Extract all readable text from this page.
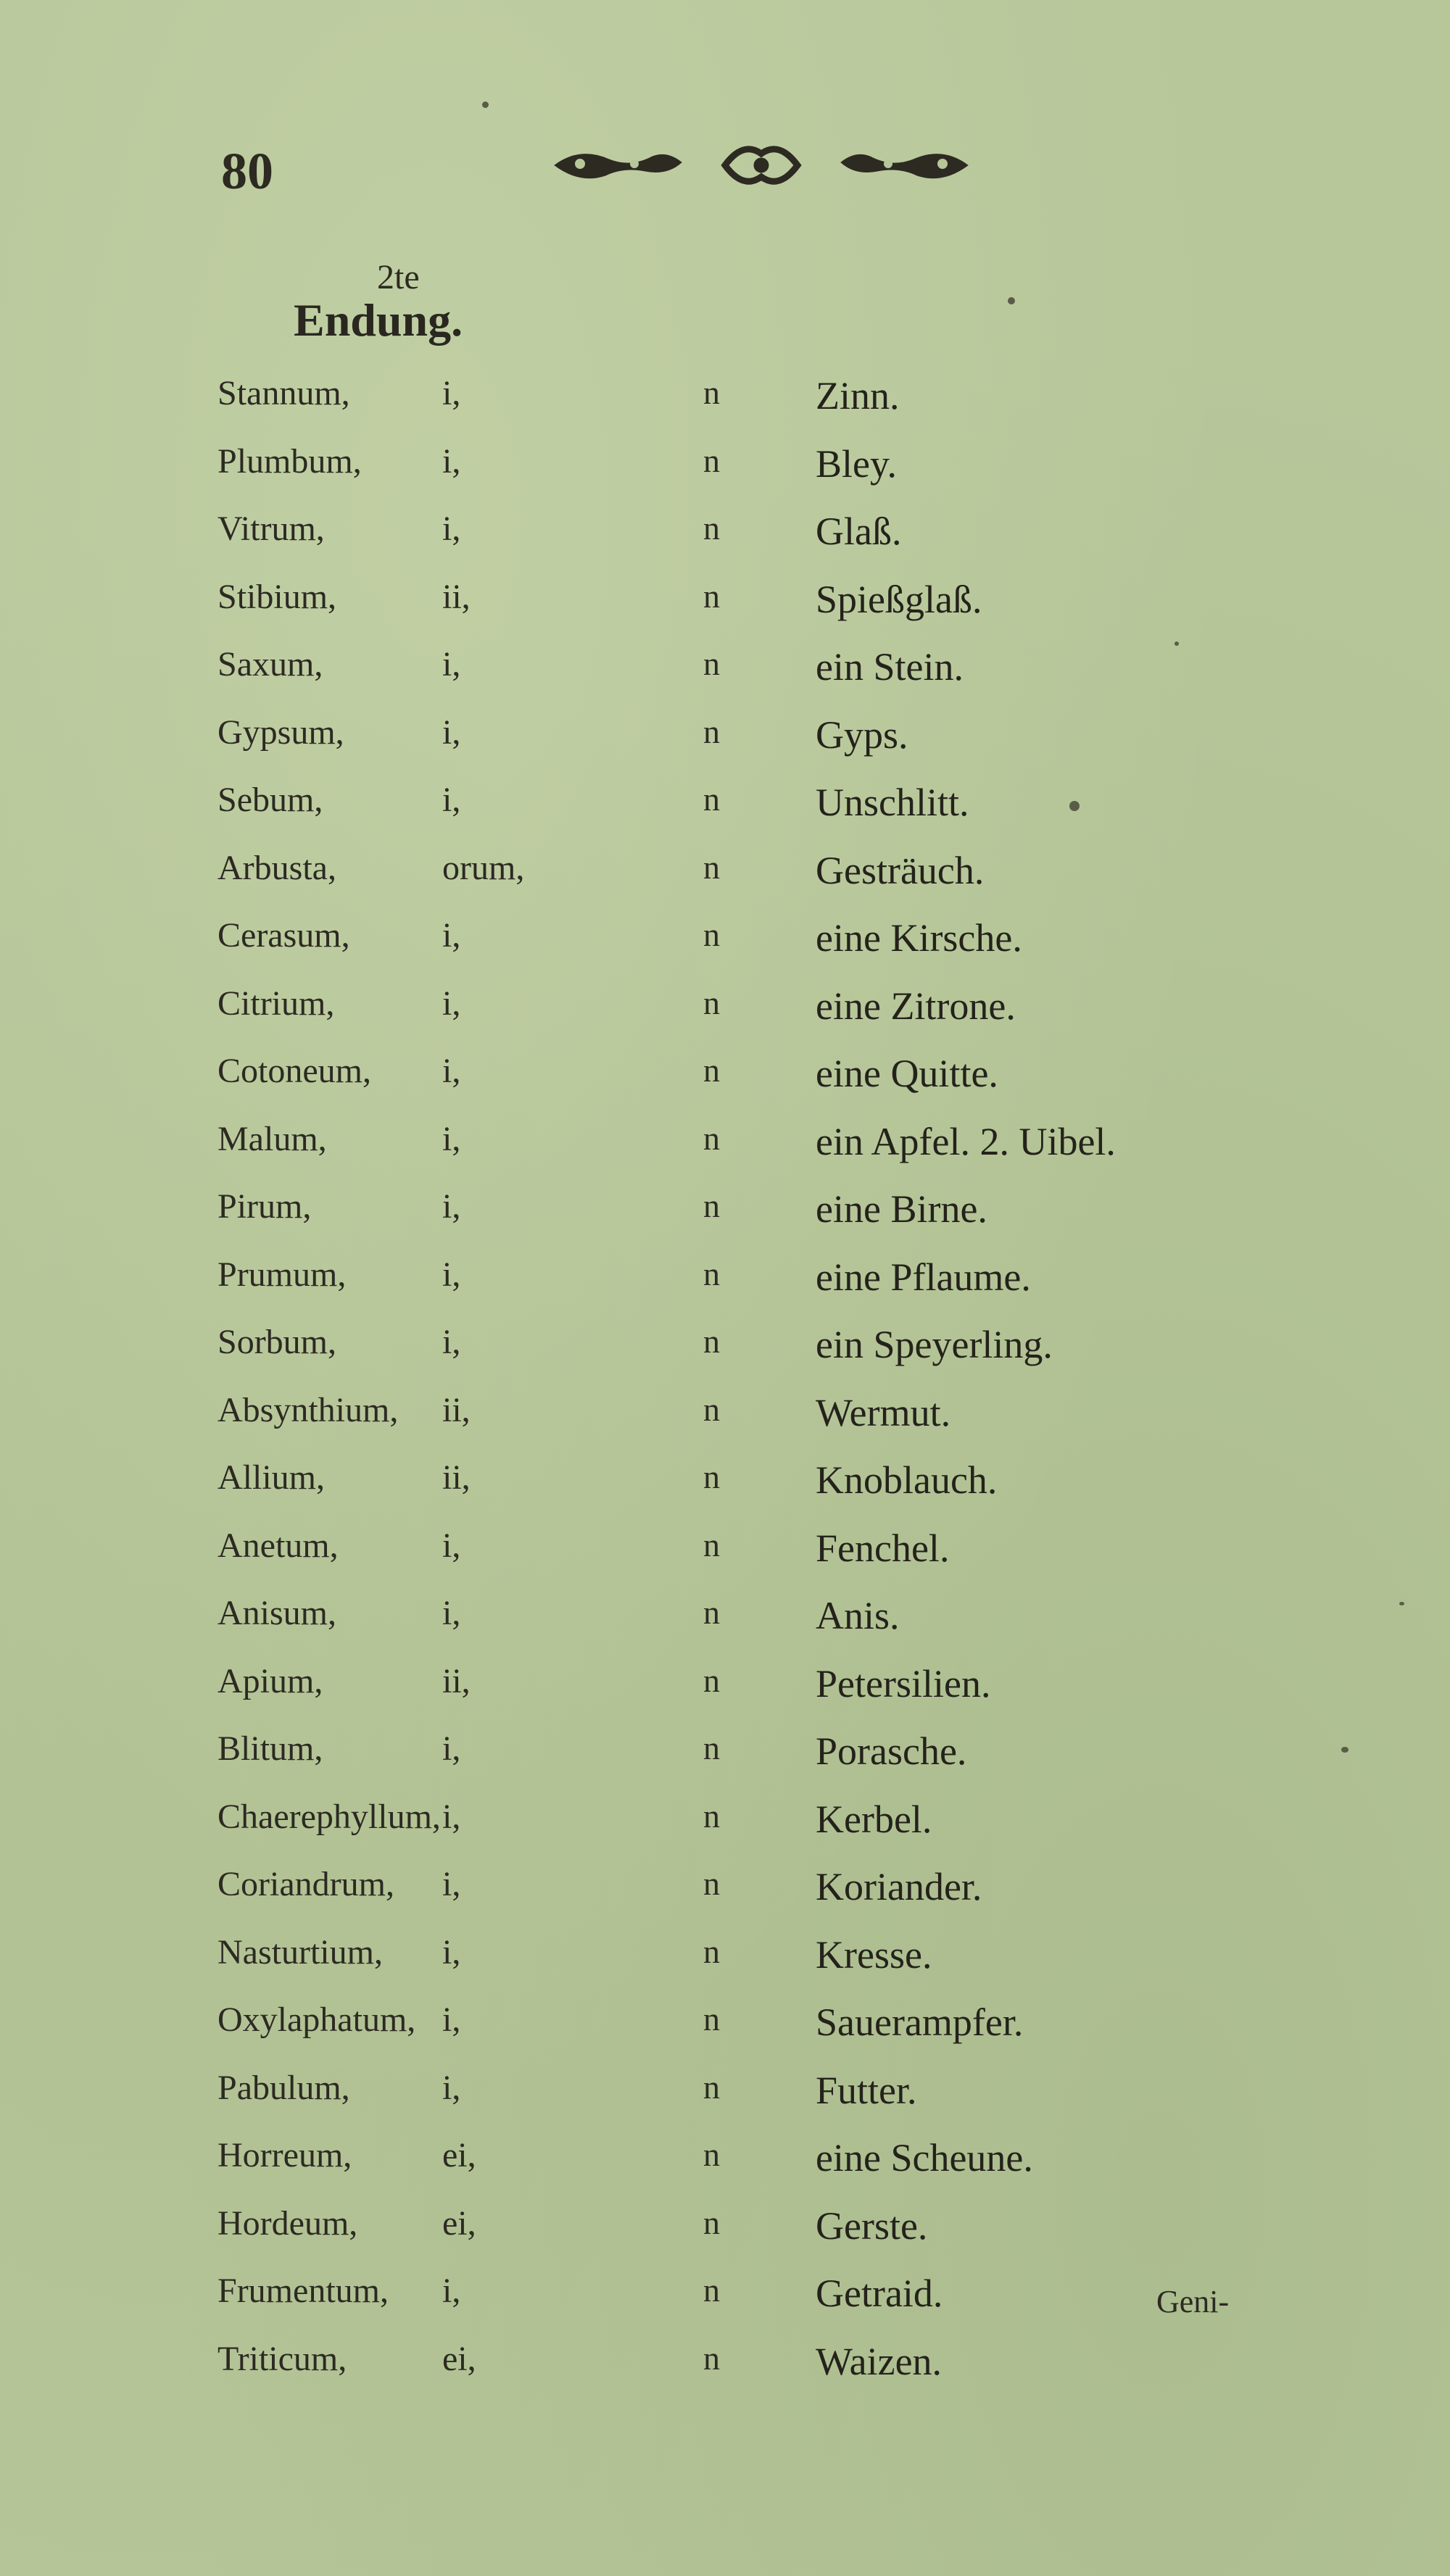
80
2te
Endung.
Stannum,	i,	n Zinn.
Plumbum, i,	n Bley.
Vitrum,	i,	n Glaß.
Stibium,	ii,	n Spießglaß.
Saxum,	i,	n ein Stein.
Gypsum,	i,	n Gyps.
Sebum,	i,	n Unschlitt.
Arbusta,	orum,	n Gesträuch.
Cerasum,	i,	n eine Kirsche.
Citrium,	i,	n eine Zitrone.
Cotoneum, i,	n eine Quitte.
Malum,	i,	n ein Apfel. 2. Uibel.
Pirum,	i,	n eine Birne.
Prumum,	i,	n eine Pflaume.
Sorbum,	i,	n ein Speyerling.
Absynthium, ii,	n Wermut.
Allium,	ii,	n Knoblauch.
Anetum,	i,	n Fenchel.
Anisum,	i,	n Anis.
Apium,	ii,	n Petersilien.
Blitum,	i,	n Porasche.
Chaerephyllum, i,	n Kerbel.
Coriandrum, i,	n Koriander.
Nasturtium, i,	n Kresse.
Oxylaphatum, i,	n Sauerampfer.
Pabulum,	i,	n Futter.
Horreum,	ei,	n eine Scheune.
Hordeum, ei,	n Gerste.
Frumentum, i,	n Getraid.
Triticum,	ei,	n Waizen.
Geni-
